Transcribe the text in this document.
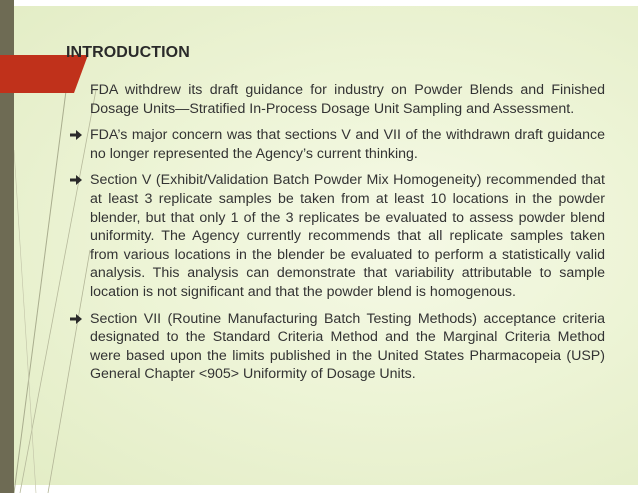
INTRODUCTION

FDA withdrew its draft guidance for industry on Powder Blends and Finished Dosage Units—Stratified In-Process Dosage Unit Sampling and Assessment.

FDA’s major concern was that sections V and VII of the withdrawn draft guidance no longer represented the Agency’s current thinking.

Section V (Exhibit/Validation Batch Powder Mix Homogeneity) recommended that at least 3 replicate samples be taken from at least 10 locations in the powder blender, but that only 1 of the 3 replicates be evaluated to assess powder blend uniformity. The Agency currently recommends that all replicate samples taken from various locations in the blender be evaluated to perform a statistically valid analysis. This analysis can demonstrate that variability attributable to sample location is not significant and that the powder blend is homogenous.

Section VII (Routine Manufacturing Batch Testing Methods) acceptance criteria designated to the Standard Criteria Method and the Marginal Criteria Method were based upon the limits published in the United States Pharmacopeia (USP) General Chapter <905> Uniformity of Dosage Units.
